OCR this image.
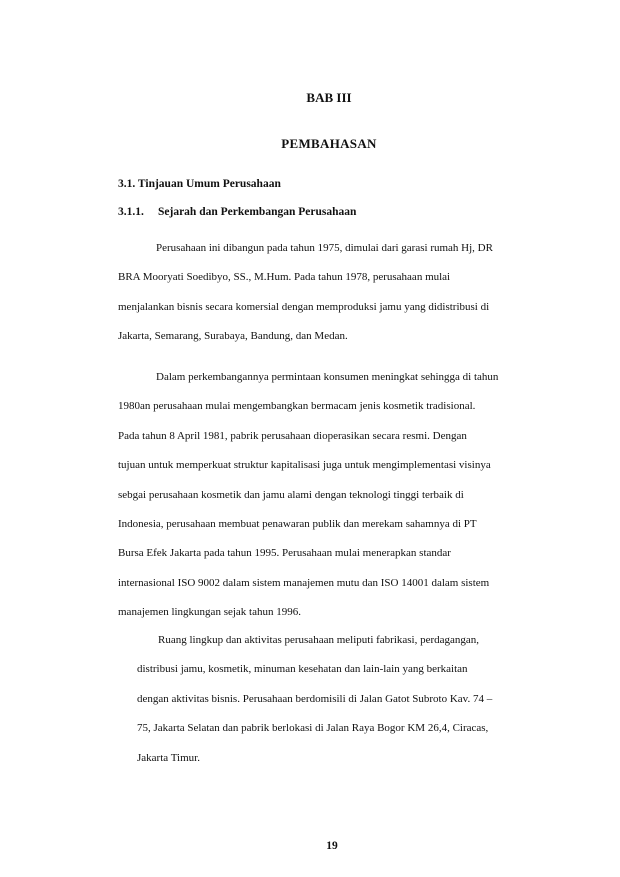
BAB III
PEMBAHASAN
3.1. Tinjauan Umum Perusahaan
3.1.1. Sejarah dan Perkembangan Perusahaan
Perusahaan ini dibangun pada tahun 1975, dimulai dari garasi rumah Hj, DR
BRA Mooryati Soedibyo, SS., M.Hum. Pada tahun 1978, perusahaan mulai
menjalankan bisnis secara komersial dengan memproduksi jamu yang didistribusi di
Jakarta, Semarang, Surabaya, Bandung, dan Medan.
Dalam perkembangannya permintaan konsumen meningkat sehingga di tahun
1980an perusahaan mulai mengembangkan bermacam jenis kosmetik tradisional.
Pada tahun 8 April 1981, pabrik perusahaan dioperasikan secara resmi. Dengan
tujuan untuk memperkuat struktur kapitalisasi juga untuk mengimplementasi visinya
sebgai perusahaan kosmetik dan jamu alami dengan teknologi tinggi terbaik di
Indonesia, perusahaan membuat penawaran publik dan merekam sahamnya di PT
Bursa Efek Jakarta pada tahun 1995. Perusahaan mulai menerapkan standar
internasional ISO 9002 dalam sistem manajemen mutu dan ISO 14001 dalam sistem
manajemen lingkungan sejak tahun 1996.
Ruang lingkup dan aktivitas perusahaan meliputi fabrikasi, perdagangan,
distribusi jamu, kosmetik, minuman kesehatan dan lain-lain yang berkaitan
dengan aktivitas bisnis. Perusahaan berdomisili di Jalan Gatot Subroto Kav. 74 –
75, Jakarta Selatan dan pabrik berlokasi di Jalan Raya Bogor KM 26,4, Ciracas,
Jakarta Timur.
19
